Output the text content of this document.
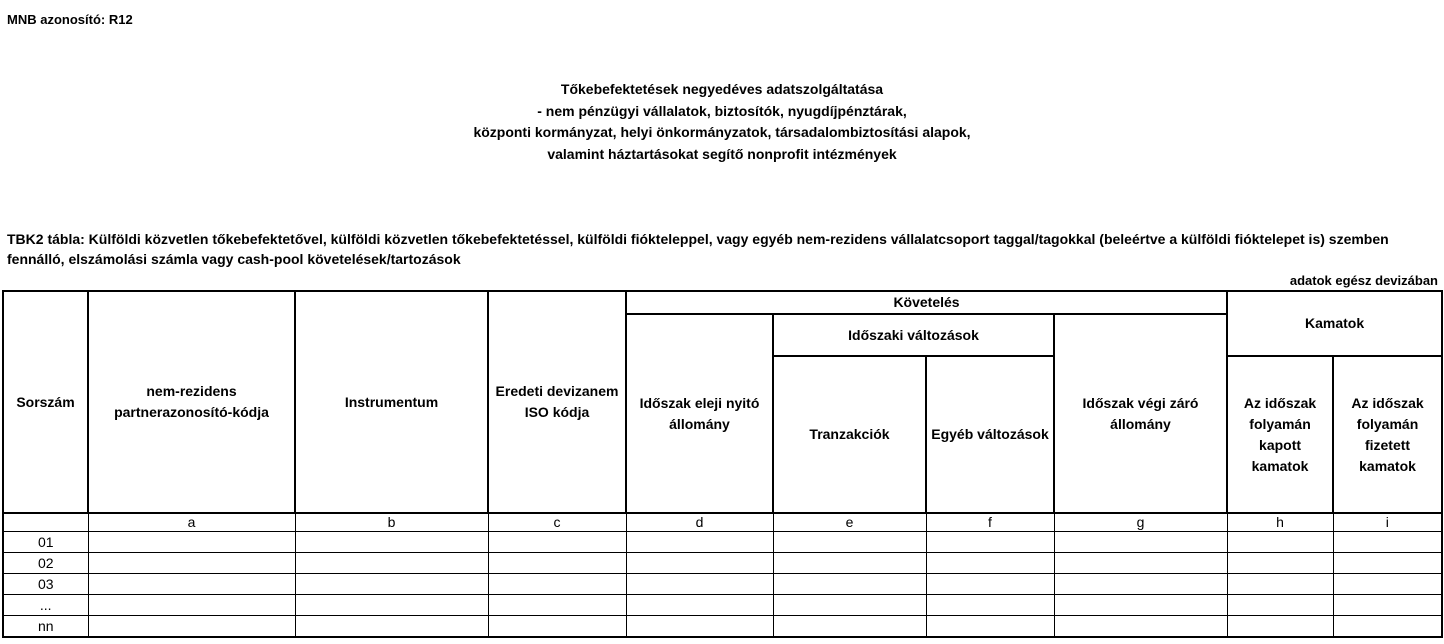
MNB azonosító: R12
Tőkebefektetések negyedéves adatszolgáltatása
- nem pénzügyi vállalatok, biztosítók, nyugdíjpénztárak,
központi kormányzat, helyi önkormányzatok, társadalombiztosítási alapok,
valamint háztartásokat segítő nonprofit intézmények
TBK2 tábla: Külföldi közvetlen tőkebefektetővel, külföldi közvetlen tőkebefektetéssel, külföldi fiókteleppel, vagy egyéb nem-rezidens vállalatcsoport taggal/tagokkal (beleértve a külföldi fióktelepet is) szemben fennálló, elszámolási számla vagy cash-pool követelések/tartozások
adatok egész devizában
Sorszám	nem-rezidens partnerazonosító-kódja	Instrumentum	Eredeti devizanem ISO kódja	Követelés				Kamatok	
				Időszak eleji nyitó állomány	Időszaki változások		Időszak végi záró állomány		
					Tranzakciók	Egyéb változások		Az időszak folyamán kapott kamatok	Az időszak folyamán fizetett kamatok

	a	b	c	d	e	f	g	h	i
01									
02									
03									
...									
nn									
